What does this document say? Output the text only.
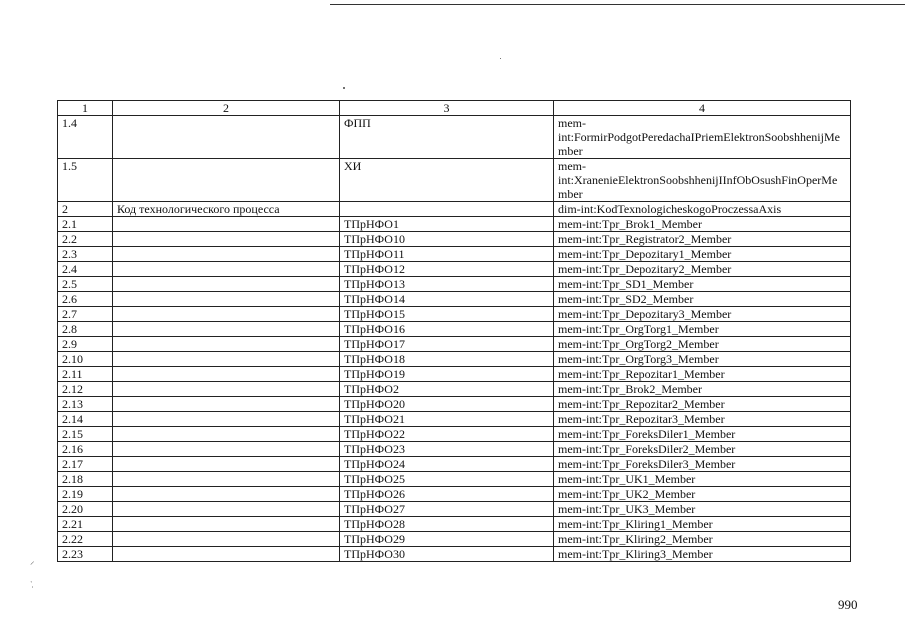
⸝
ˑ̣
1	2	3	4
1.4		ФПП	mem-int:FormirPodgotPeredachaIPriemElektronSoobshhenijMember
1.5		ХИ	mem-int:XranenieElektronSoobshhenijIInfObOsushFinOperMember
2	Код технологического процесса		dim-int:KodTexnologicheskogoProczessaAxis
2.1		ТПрНФО1	mem-int:Tpr_Brok1_Member
2.2		ТПрНФО10	mem-int:Tpr_Registrator2_Member
2.3		ТПрНФО11	mem-int:Tpr_Depozitary1_Member
2.4		ТПрНФО12	mem-int:Tpr_Depozitary2_Member
2.5		ТПрНФО13	mem-int:Tpr_SD1_Member
2.6		ТПрНФО14	mem-int:Tpr_SD2_Member
2.7		ТПрНФО15	mem-int:Tpr_Depozitary3_Member
2.8		ТПрНФО16	mem-int:Tpr_OrgTorg1_Member
2.9		ТПрНФО17	mem-int:Tpr_OrgTorg2_Member
2.10		ТПрНФО18	mem-int:Tpr_OrgTorg3_Member
2.11		ТПрНФО19	mem-int:Tpr_Repozitar1_Member
2.12		ТПрНФО2	mem-int:Tpr_Brok2_Member
2.13		ТПрНФО20	mem-int:Tpr_Repozitar2_Member
2.14		ТПрНФО21	mem-int:Tpr_Repozitar3_Member
2.15		ТПрНФО22	mem-int:Tpr_ForeksDiler1_Member
2.16		ТПрНФО23	mem-int:Tpr_ForeksDiler2_Member
2.17		ТПрНФО24	mem-int:Tpr_ForeksDiler3_Member
2.18		ТПрНФО25	mem-int:Tpr_UK1_Member
2.19		ТПрНФО26	mem-int:Tpr_UK2_Member
2.20		ТПрНФО27	mem-int:Tpr_UK3_Member
2.21		ТПрНФО28	mem-int:Tpr_Kliring1_Member
2.22		ТПрНФО29	mem-int:Tpr_Kliring2_Member
2.23		ТПрНФО30	mem-int:Tpr_Kliring3_Member
990
